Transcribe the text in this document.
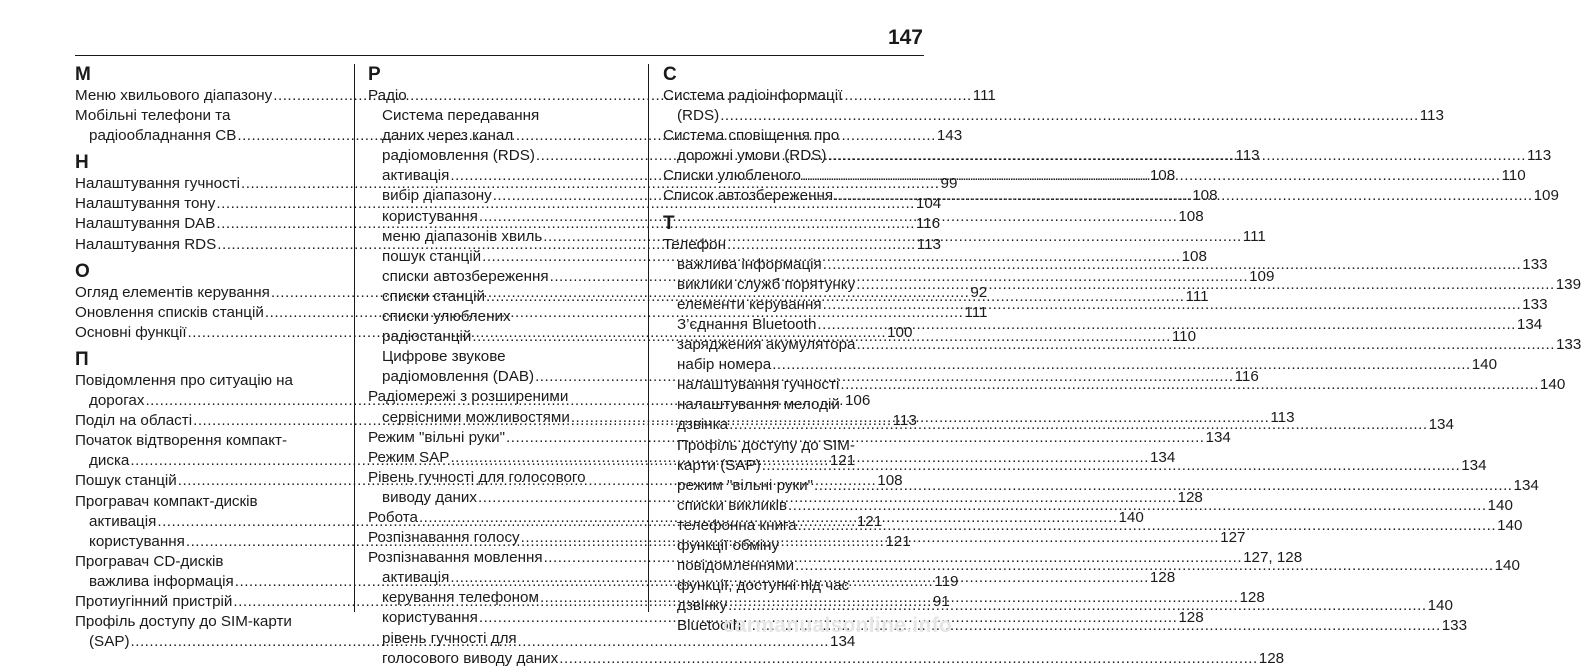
147
М
Меню хвильового діапазону .....	111
Мобільні телефони та
радіообладнання CB .....	143
Н
Налаштування гучності .....	99
Налаштування тону .....	104
Налаштування DAB .....	116
Налаштування RDS .....	113
О
Огляд елементів керування .....	92
Оновлення списків станцій .....	111
Основні функції .....	100
П
Повідомлення про ситуацію на
дорогах .....	106
Поділ на області .....	113
Початок відтворення компакт-
диска .....	121
Пошук станцій .....	108
Програвач компакт-дисків
активація .....	121
користування .....	121
Програвач CD-дисків
важлива інформація .....	119
Протиугінний пристрій .....	91
Профіль доступу до SIM-карти
(SAP) .....	134
Р
Радіо
Система передавання
даних через канал
радіомовлення (RDS) .....	113
активація .....	108
вибір діапазону .....	108
користування .....	108
меню діапазонів хвиль .....	111
пошук станцій .....	108
списки автозбереження .....	109
списки станцій .....	111
списки улюблених
радіостанцій .....	110
Цифрове звукове
радіомовлення (DAB) .....	116
Радіомережі з розширеними
сервісними можливостями .....	113
Режим "вільні руки" .....	134
Режим SAP .....	134
Рівень гучності для голосового
виводу даних .....	128
Робота .....	140
Розпізнавання голосу .....	127
Розпізнавання мовлення .....	127, 128
активація .....	128
керування телефоном .....	128
користування .....	128
рівень гучності для
голосового виводу даних .....	128
С
Система радіоінформації
(RDS) .....	113
Система сповіщення про
дорожні умови (RDS) .....	113
Списки улюбленого .....	110
Список автозбереження .....	109
Т
Телефон
важлива інформація .....	133
виклики служб порятунку .....	139
елементи керування .....	133
З’єднання Bluetooth .....	134
заряджения акумулятора .....	133
набір номера .....	140
налаштування гучності .....	140
налаштування мелодій
дзвінка .....	134
Профіль доступу до SIM-
карти (SAP) .....	134
режим "вільні руки" .....	134
списки викликів .....	140
телефонна книга .....	140
функції обміну
повідомленнями .....	140
функції, доступні під час
дзвінку .....	140
Bluetooth .....	133
carmanualsonline.info
